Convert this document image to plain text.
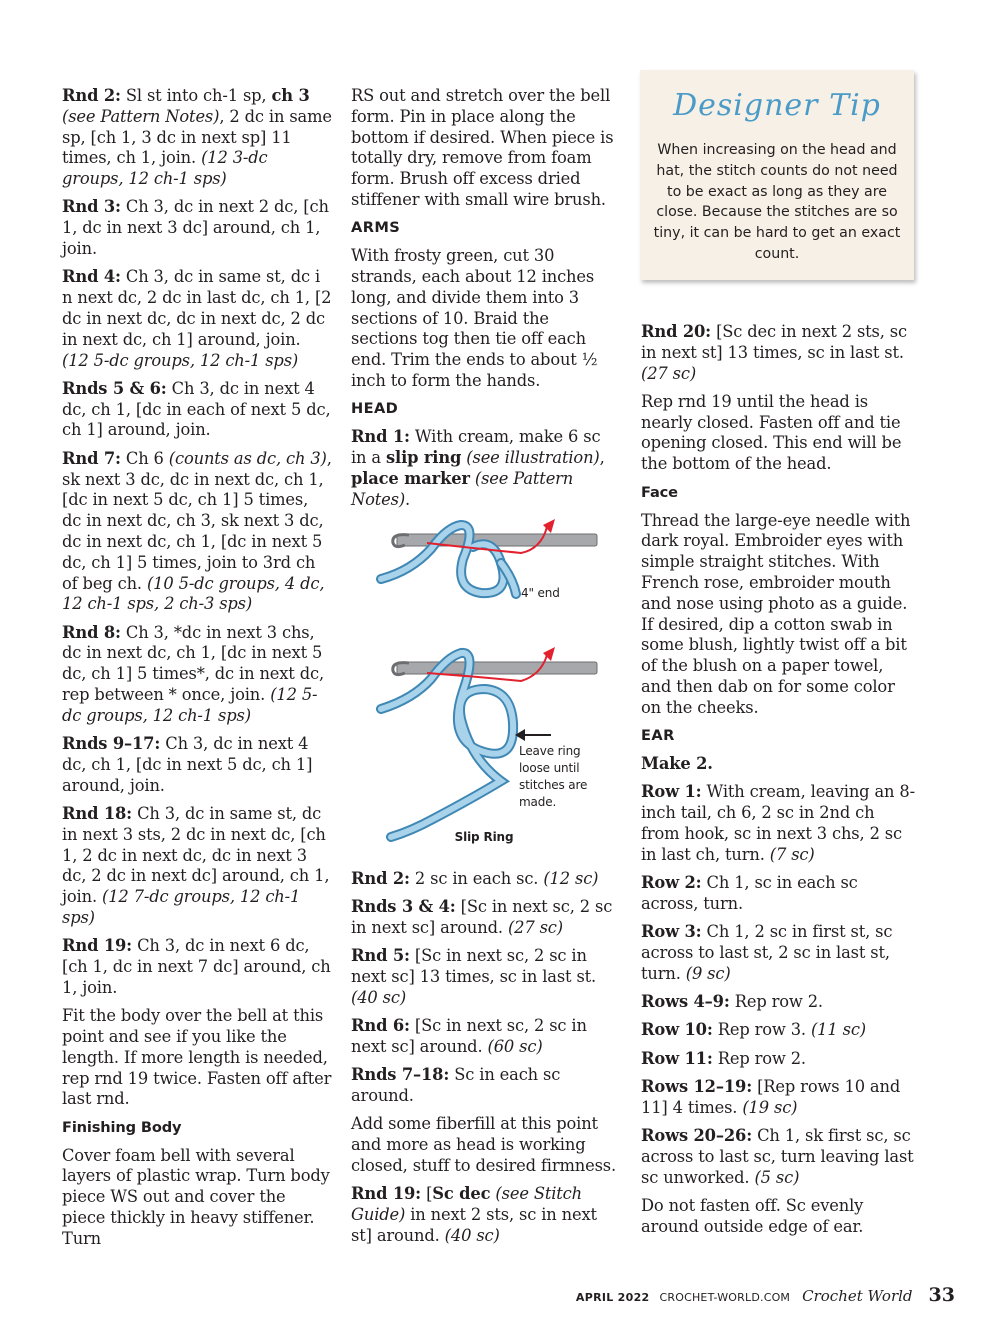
Rnd 2: Sl st into ch-1 sp, ch 3 (see Pattern Notes), 2 dc in same sp, [ch 1, 3 dc in next sp] 11 times, ch 1, join. (12 3-dc groups, 12 ch-1 sps)
Rnd 3: Ch 3, dc in next 2 dc, [ch 1, dc in next 3 dc] around, ch 1, join.
Rnd 4: Ch 3, dc in same st, dc i n next dc, 2 dc in last dc, ch 1, [2 dc in next dc, dc in next dc, 2 dc in next dc, ch 1] around, join. (12 5-dc groups, 12 ch-1 sps)
Rnds 5 & 6: Ch 3, dc in next 4 dc, ch 1, [dc in each of next 5 dc, ch 1] around, join.
Rnd 7: Ch 6 (counts as dc, ch 3), sk next 3 dc, dc in next dc, ch 1, [dc in next 5 dc, ch 1] 5 times, dc in next dc, ch 3, sk next 3 dc, dc in next dc, ch 1, [dc in next 5 dc, ch 1] 5 times, join to 3rd ch of beg ch. (10 5-dc groups, 4 dc, 12 ch-1 sps, 2 ch-3 sps)
Rnd 8: Ch 3, *dc in next 3 chs, dc in next dc, ch 1, [dc in next 5 dc, ch 1] 5 times*, dc in next dc, rep between * once, join. (12 5-dc groups, 12 ch-1 sps)
Rnds 9–17: Ch 3, dc in next 4 dc, ch 1, [dc in next 5 dc, ch 1] around, join.
Rnd 18: Ch 3, dc in same st, dc in next 3 sts, 2 dc in next dc, [ch 1, 2 dc in next dc, dc in next 3 dc, 2 dc in next dc] around, ch 1, join. (12 7-dc groups, 12 ch-1 sps)
Rnd 19: Ch 3, dc in next 6 dc, [ch 1, dc in next 7 dc] around, ch 1, join.
Fit the body over the bell at this point and see if you like the length. If more length is needed, rep rnd 19 twice. Fasten off after last rnd.
Finishing Body
Cover foam bell with several layers of plastic wrap. Turn body piece WS out and cover the piece thickly in heavy stiffener. Turn
RS out and stretch over the bell form. Pin in place along the bottom if desired. When piece is totally dry, remove from foam form. Brush off excess dried stiffener with small wire brush.
ARMS
With frosty green, cut 30 strands, each about 12 inches long, and divide them into 3 sections of 10. Braid the sections tog then tie off each end. Trim the ends to about ½ inch to form the hands.
HEAD
Rnd 1: With cream, make 6 sc in a slip ring (see illustration), place marker (see Pattern Notes).
4" end
Leave ring
loose until
stitches are
made.
Slip Ring
Rnd 2: 2 sc in each sc. (12 sc)
Rnds 3 & 4: [Sc in next sc, 2 sc in next sc] around. (27 sc)
Rnd 5: [Sc in next sc, 2 sc in next sc] 13 times, sc in last st. (40 sc)
Rnd 6: [Sc in next sc, 2 sc in next sc] around. (60 sc)
Rnds 7–18: Sc in each sc around.
Add some fiberfill at this point and more as head is working closed, stuff to desired firmness.
Rnd 19: [Sc dec (see Stitch Guide) in next 2 sts, sc in next st] around. (40 sc)
Designer Tip
When increasing on the head and hat, the stitch counts do not need to be exact as long as they are close. Because the stitches are so tiny, it can be hard to get an exact count.
Rnd 20: [Sc dec in next 2 sts, sc in next st] 13 times, sc in last st. (27 sc)
Rep rnd 19 until the head is nearly closed. Fasten off and tie opening closed. This end will be the bottom of the head.
Face
Thread the large-eye needle with dark royal. Embroider eyes with simple straight stitches. With French rose, embroider mouth and nose using photo as a guide. If desired, dip a cotton swab in some blush, lightly twist off a bit of the blush on a paper towel, and then dab on for some color on the cheeks.
EAR
Make 2.
Row 1: With cream, leaving an 8-inch tail, ch 6, 2 sc in 2nd ch from hook, sc in next 3 chs, 2 sc in last ch, turn. (7 sc)
Row 2: Ch 1, sc in each sc across, turn.
Row 3: Ch 1, 2 sc in first st, sc across to last st, 2 sc in last st, turn. (9 sc)
Rows 4–9: Rep row 2.
Row 10: Rep row 3. (11 sc)
Row 11: Rep row 2.
Rows 12–19: [Rep rows 10 and 11] 4 times. (19 sc)
Rows 20–26: Ch 1, sk first sc, sc across to last sc, turn leaving last sc unworked. (5 sc)
Do not fasten off. Sc evenly around outside edge of ear.
APRIL 2022 CROCHET-WORLD.COM Crochet World 33
